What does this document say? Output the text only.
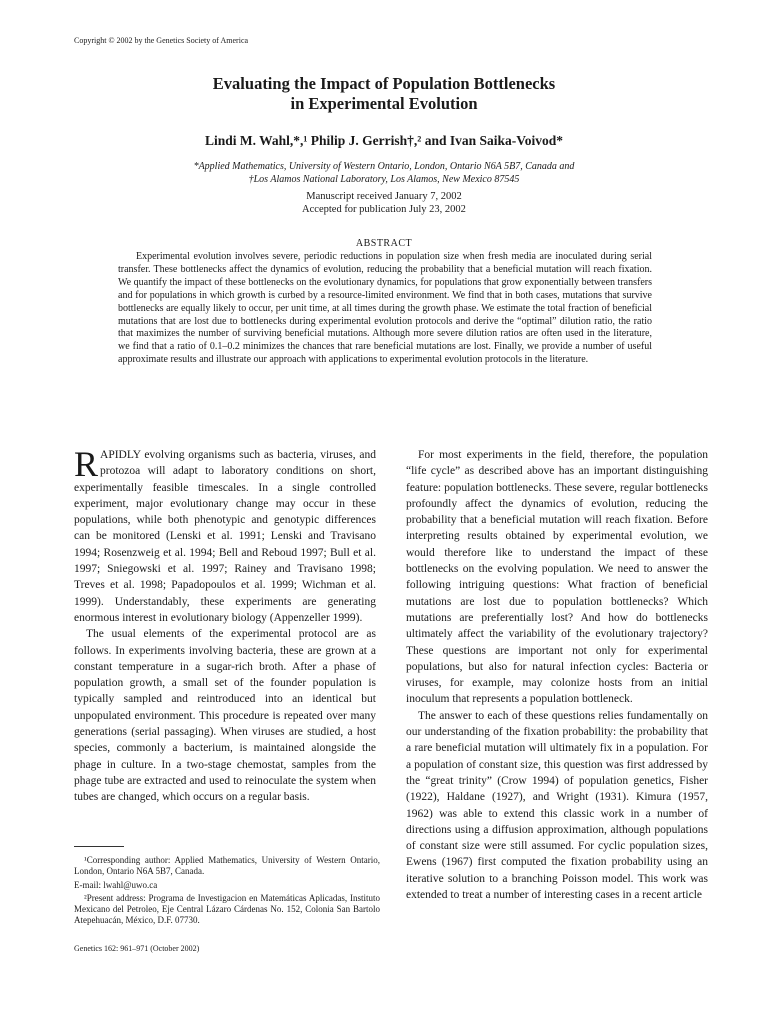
Copyright © 2002 by the Genetics Society of America
Evaluating the Impact of Population Bottlenecks
in Experimental Evolution
Lindi M. Wahl,*,¹ Philip J. Gerrish†,² and Ivan Saika-Voivod*
*Applied Mathematics, University of Western Ontario, London, Ontario N6A 5B7, Canada and
†Los Alamos National Laboratory, Los Alamos, New Mexico 87545
Manuscript received January 7, 2002
Accepted for publication July 23, 2002
ABSTRACT

Experimental evolution involves severe, periodic reductions in population size when fresh media are inoculated during serial transfer. These bottlenecks affect the dynamics of evolution, reducing the probability that a beneficial mutation will reach fixation. We quantify the impact of these bottlenecks on the evolutionary dynamics, for populations that grow exponentially between transfers and for populations in which growth is curbed by a resource-limited environment. We find that in both cases, mutations that survive bottlenecks are equally likely to occur, per unit time, at all times during the growth phase. We estimate the total fraction of beneficial mutations that are lost due to bottlenecks during experimental evolution protocols and derive the “optimal” dilution ratio, the ratio that maximizes the number of surviving beneficial mutations. Although more severe dilution ratios are often used in the literature, we find that a ratio of 0.1–0.2 minimizes the chances that rare beneficial mutations are lost. Finally, we provide a number of useful approximate results and illustrate our approach with applications to experimental evolution protocols in the literature.

RAPIDLY evolving organisms such as bacteria, viruses, and protozoa will adapt to laboratory conditions on short, experimentally feasible timescales. In a single controlled experiment, major evolutionary change may occur in these populations, while both phenotypic and genotypic differences can be monitored (Lenski et al. 1991; Lenski and Travisano 1994; Rosenzweig et al. 1994; Bell and Reboud 1997; Bull et al. 1997; Sniegowski et al. 1997; Rainey and Travisano 1998; Treves et al. 1998; Papadopoulos et al. 1999; Wichman et al. 1999). Understandably, these experiments are generating enormous interest in evolutionary biology (Appenzeller 1999).

The usual elements of the experimental protocol are as follows. In experiments involving bacteria, these are grown at a constant temperature in a sugar-rich broth. After a phase of population growth, a small set of the founder population is typically sampled and reintroduced into an identical but unpopulated environment. This procedure is repeated over many generations (serial passaging). When viruses are studied, a host species, commonly a bacterium, is maintained alongside the phage in culture. In a two-stage chemostat, samples from the phage tube are extracted and used to reinoculate the system when tubes are changed, which occurs on a regular basis.

For most experiments in the field, therefore, the population “life cycle” as described above has an important distinguishing feature: population bottlenecks. These severe, regular bottlenecks profoundly affect the dynamics of evolution, reducing the probability that a beneficial mutation will reach fixation. Before interpreting results obtained by experimental evolution, we would therefore like to understand the impact of these bottlenecks on the evolving population. We need to answer the following intriguing questions: What fraction of beneficial mutations are lost due to population bottlenecks? Which mutations are preferentially lost? And how do bottlenecks ultimately affect the variability of the evolutionary trajectory? These questions are important not only for experimental populations, but also for natural infection cycles: Bacteria or viruses, for example, may colonize hosts from an initial inoculum that represents a population bottleneck.

The answer to each of these questions relies fundamentally on our understanding of the fixation probability: the probability that a rare beneficial mutation will ultimately fix in a population. For a population of constant size, this question was first addressed by the “great trinity” (Crow 1994) of population genetics, Fisher (1922), Haldane (1927), and Wright (1931). Kimura (1957, 1962) was able to extend this classic work in a number of directions using a diffusion approximation, although populations of constant size were still assumed. For cyclic population sizes, Ewens (1967) first computed the fixation probability using an iterative solution to a branching Poisson model. This work was extended to treat a number of interesting cases in a recent article

¹Corresponding author: Applied Mathematics, University of Western Ontario, London, Ontario N6A 5B7, Canada.

E-mail: lwahl@uwo.ca

²Present address: Programa de Investigacion en Matemáticas Aplicadas, Instituto Mexicano del Petroleo, Eje Central Lázaro Cárdenas No. 152, Colonia San Bartolo Atepehuacán, México, D.F. 07730.

Genetics 162: 961–971 (October 2002)
